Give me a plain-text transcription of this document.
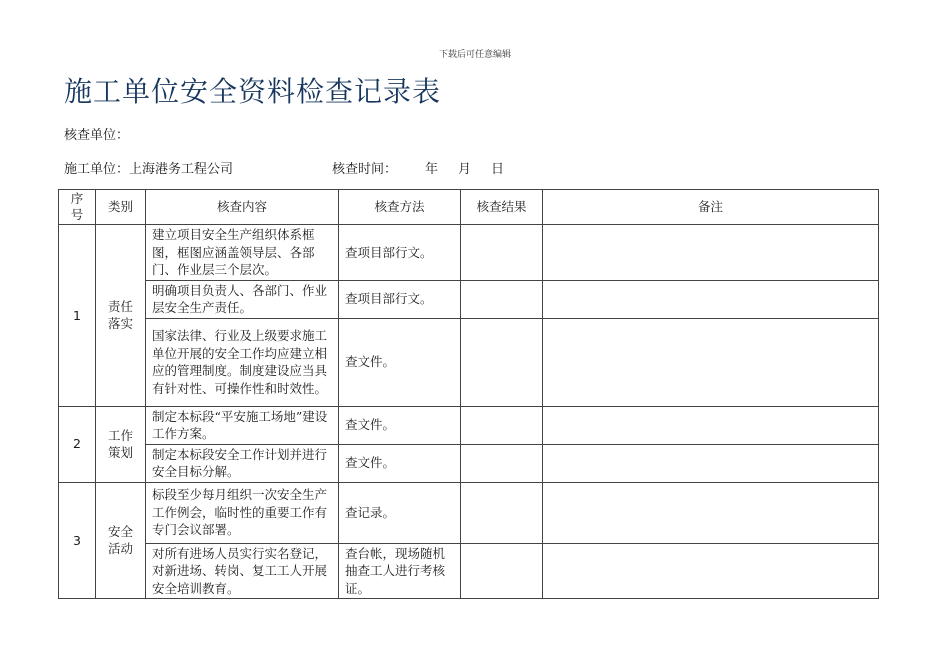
下载后可任意编辑
施工单位安全资料检查记录表
核查单位：
施工单位：上海港务工程公司	核查时间： 年 月 日
序号	类别	核查内容	核查方法	核查结果	备注
1	责任落实	建立项目安全生产组织体系框图，框图应涵盖领导层、各部门、作业层三个层次。	查项目部行文。		
		明确项目负责人、各部门、作业层安全生产责任。	查项目部行文。		
		国家法律、行业及上级要求施工单位开展的安全工作均应建立相应的管理制度。制度建设应当具有针对性、可操作性和时效性。	查文件。		
2	工作策划	制定本标段“平安施工场地”建设工作方案。	查文件。		
		制定本标段安全工作计划并进行安全目标分解。	查文件。		
3	安全活动	标段至少每月组织一次安全生产工作例会，临时性的重要工作有专门会议部署。	查记录。		
		对所有进场人员实行实名登记，对新进场、转岗、复工工人开展安全培训教育。	查台帐，现场随机抽查工人进行考核证。		
